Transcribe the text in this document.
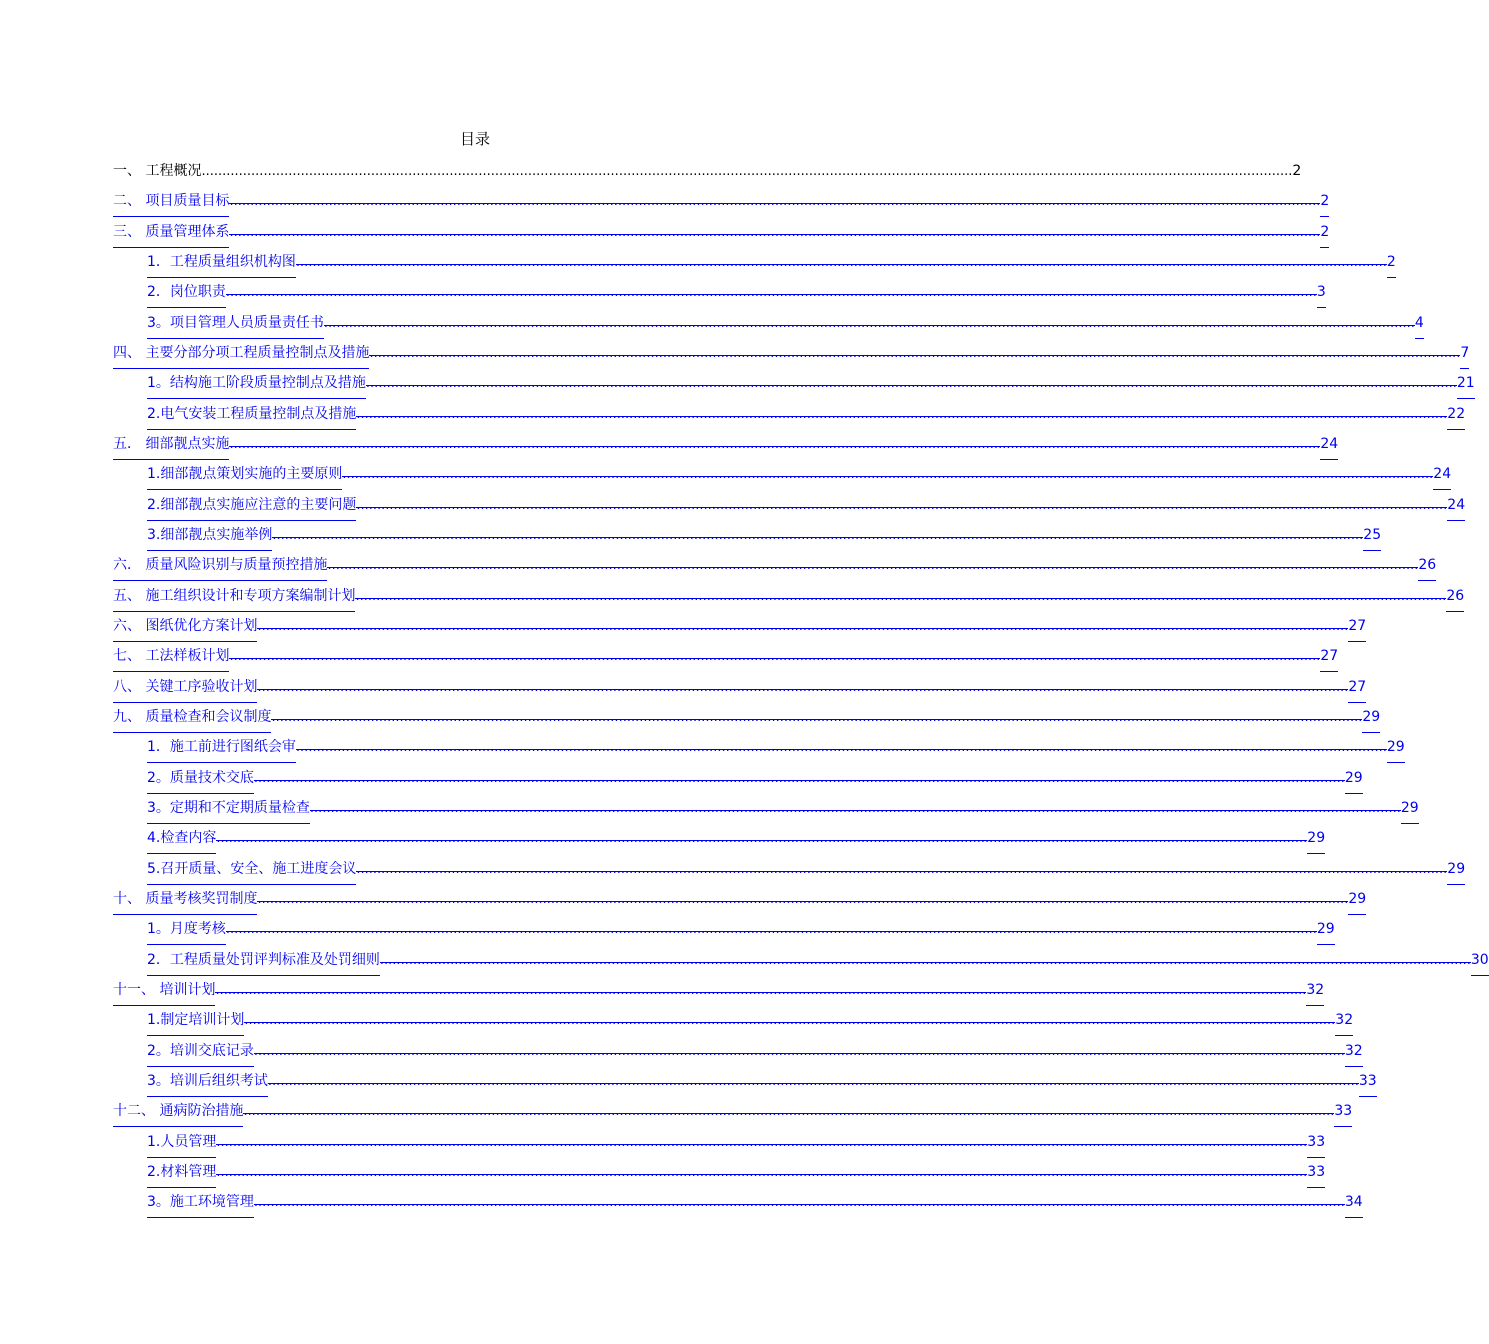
目录
一、 工程概况 .....	2
二、 项目质量目标 .....	2
三、 质量管理体系 .....	2
1．工程质量组织机构图 .....	2
2．岗位职责 .....	3
3。项目管理人员质量责任书 .....	4
四、 主要分部分项工程质量控制点及措施 .....	7
1。结构施工阶段质量控制点及措施 .....	21
2.电气安装工程质量控制点及措施 .....	22
五． 细部靓点实施 .....	24
1.细部靓点策划实施的主要原则 .....	24
2.细部靓点实施应注意的主要问题 .....	24
3.细部靓点实施举例 .....	25
六． 质量风险识别与质量预控措施 .....	26
五、 施工组织设计和专项方案编制计划 .....	26
六、 图纸优化方案计划 .....	27
七、 工法样板计划 .....	27
八、 关键工序验收计划 .....	27
九、 质量检查和会议制度 .....	29
1．施工前进行图纸会审 .....	29
2。质量技术交底 .....	29
3。定期和不定期质量检查 .....	29
4.检查内容 .....	29
5.召开质量、安全、施工进度会议 .....	29
十、 质量考核奖罚制度 .....	29
1。月度考核 .....	29
2．工程质量处罚评判标准及处罚细则 .....	30
十一、 培训计划 .....	32
1.制定培训计划 .....	32
2。培训交底记录 .....	32
3。培训后组织考试 .....	33
十二、 通病防治措施 .....	33
1.人员管理 .....	33
2.材料管理 .....	33
3。施工环境管理 .....	34
